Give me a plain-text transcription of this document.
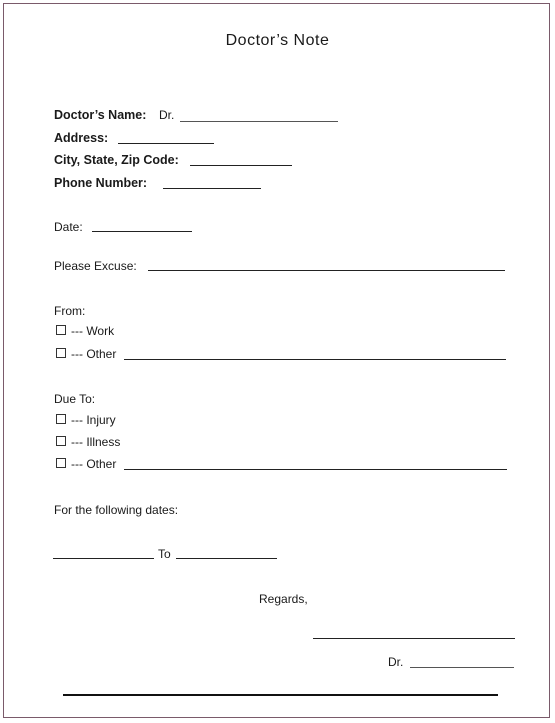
Doctor’s Note
Doctor’s Name: Dr.
Address:
City, State, Zip Code:
Phone Number:
Date:
Please Excuse:
From:
--- Work
--- Other
Due To:
--- Injury
--- Illness
--- Other
For the following dates:
To
Regards,
Dr.
